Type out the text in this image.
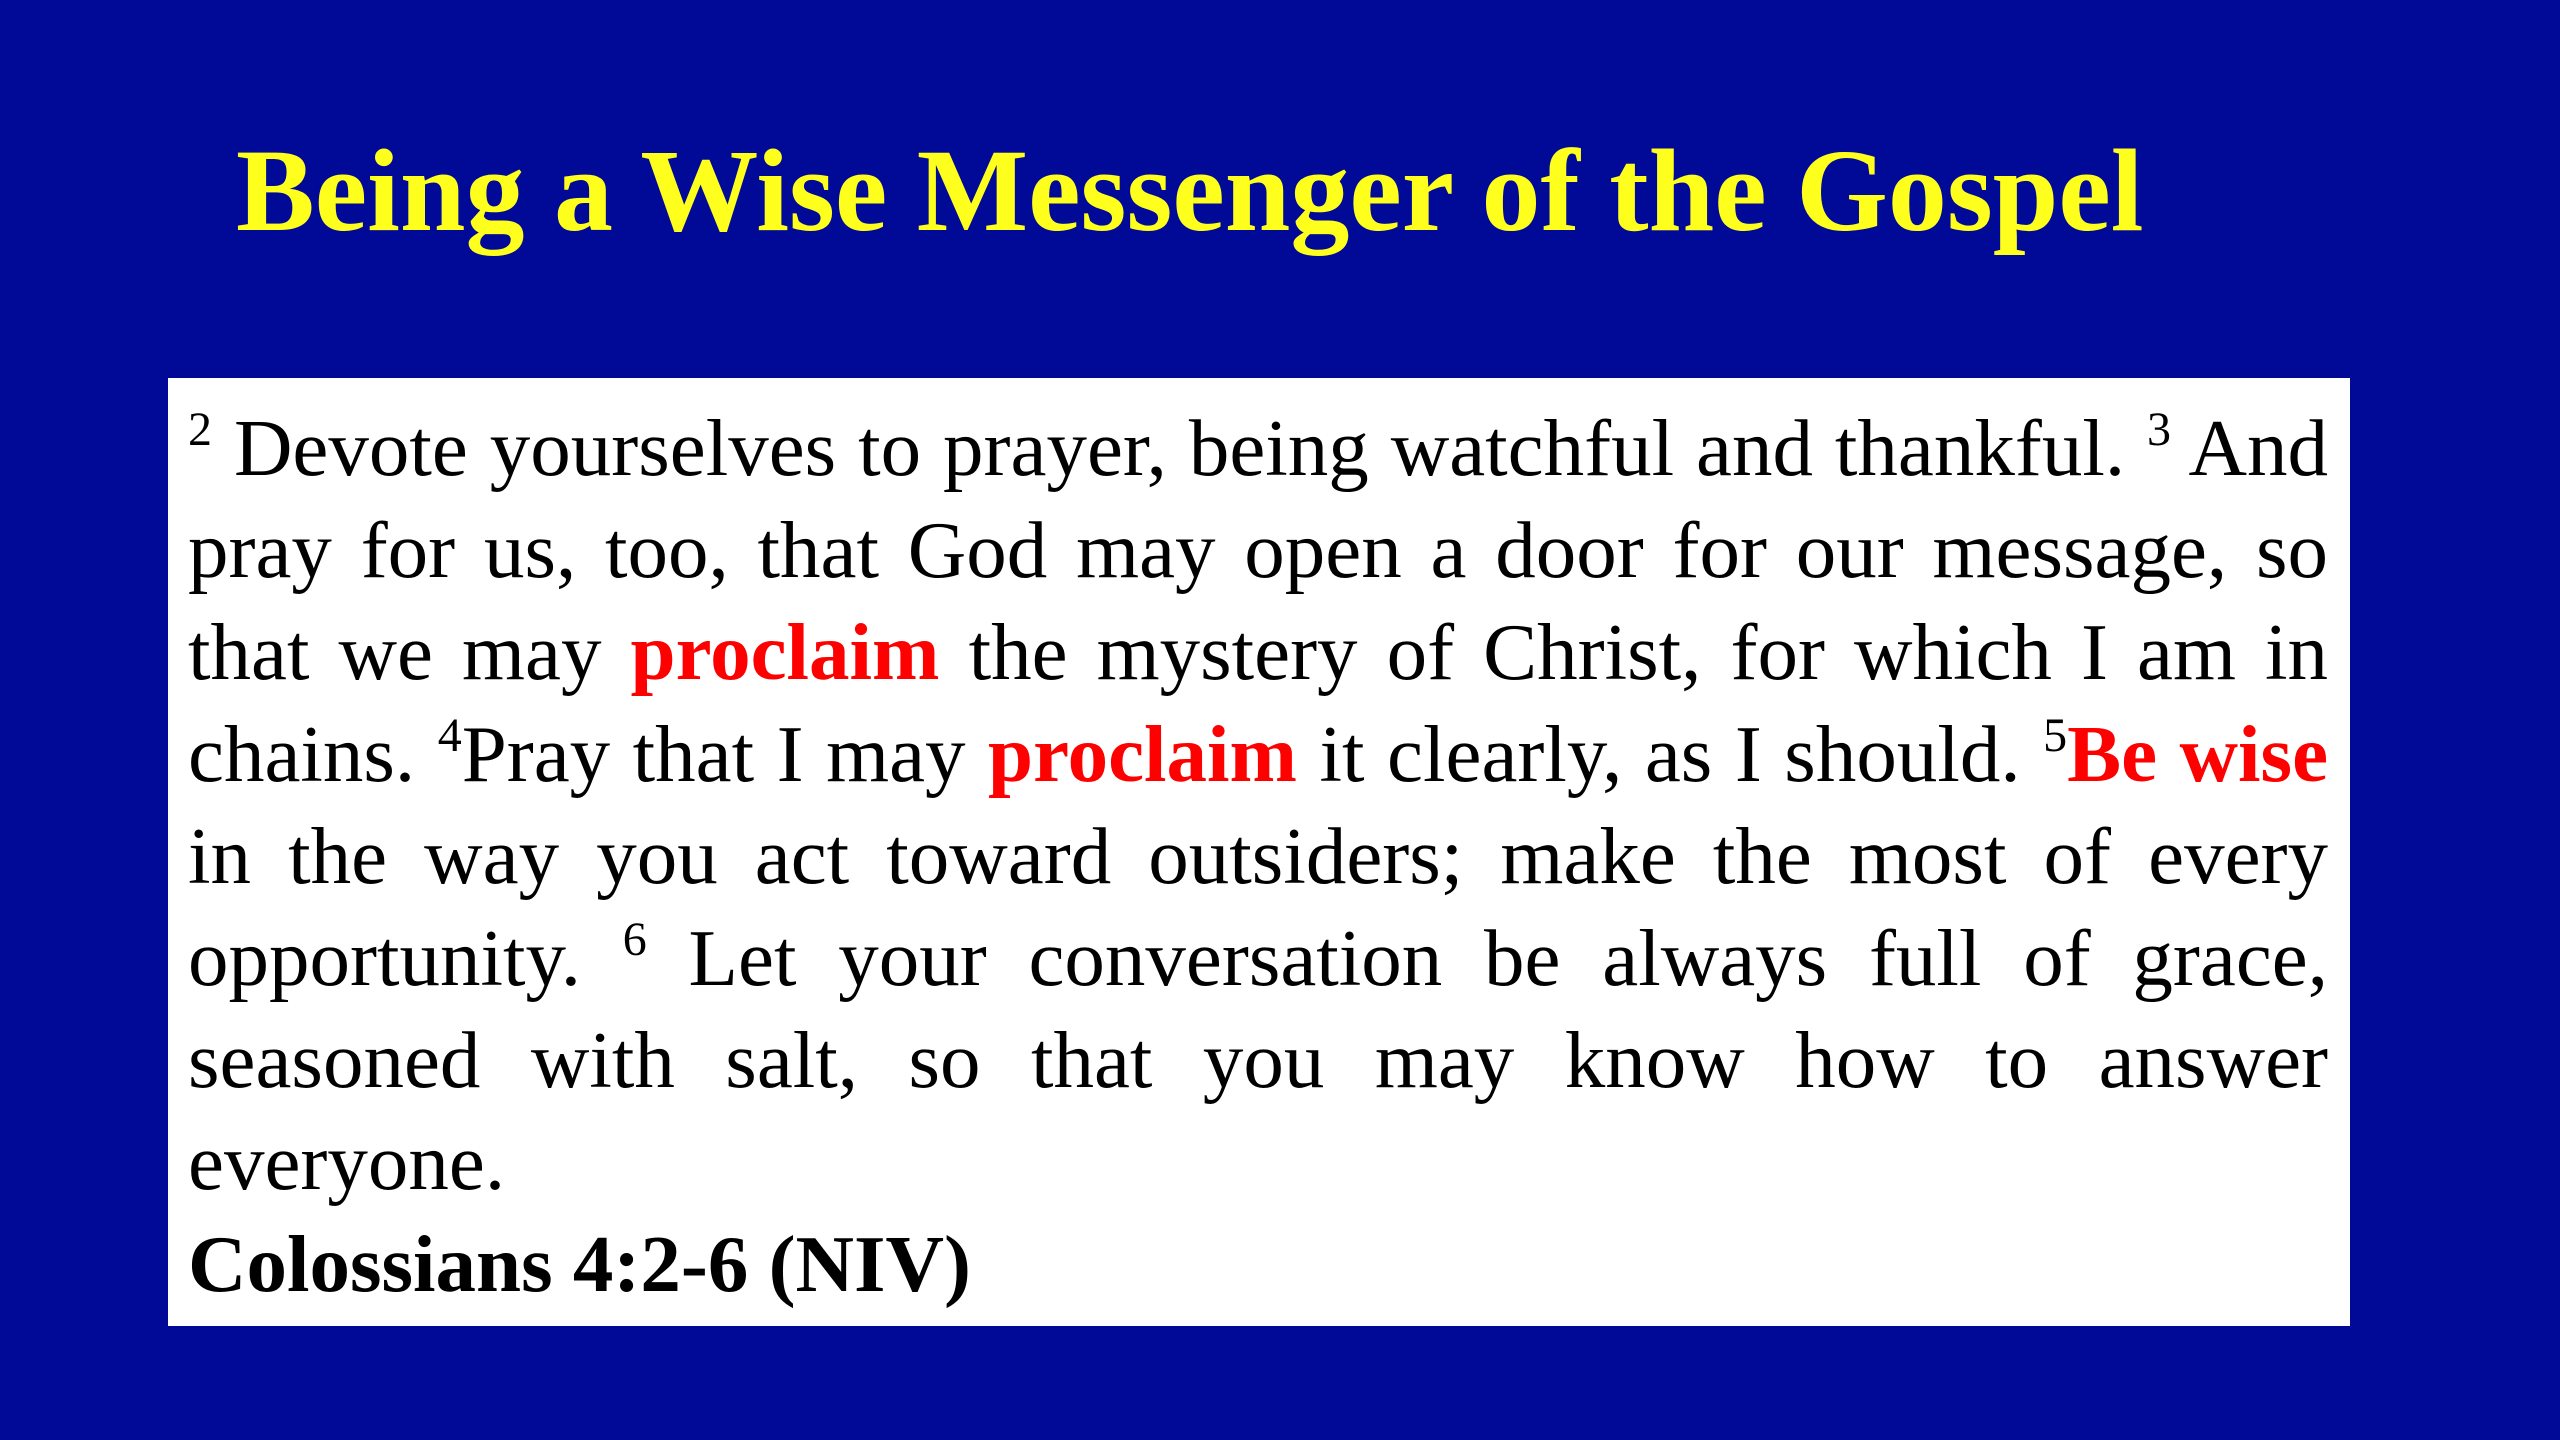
Being a Wise Messenger of the Gospel

$^2$ Devote yourselves to prayer, being watchful and thankful. $^3$ And pray for us, too, that God may open a door for our message, so that we may proclaim the mystery of Christ, for which I am in chains. $^4$Pray that I may proclaim it clearly, as I should. $^5$Be wise in the way you act toward outsiders; make the most of every opportunity. $^6$ Let your conversation be always full of grace, seasoned with salt, so that you may know how to answer everyone.

Colossians 4:2-6 (NIV)
